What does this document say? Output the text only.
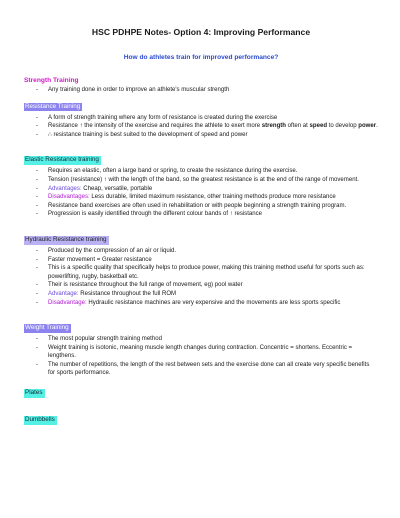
HSC PDHPE Notes- Option 4: Improving Performance
How do athletes train for improved performance?
Strength Training
- Any training done in order to improve an athlete's muscular strength
Resistance Training
- A form of strength training where any form of resistance is created during the exercise
- Resistance ↑ the intensity of the exercise and requires the athlete to exert more strength often at speed to develop power.
- ∴ resistance training is best suited to the development of speed and power
Elastic Resistance training
- Requires an elastic, often a large band or spring, to create the resistance during the exercise.
- Tension (resistance) ↑ with the length of the band, so the greatest resistance is at the end of the range of movement.
- Advantages: Cheap, versatile, portable
- Disadvantages: Less durable, limited maximum resistance, other training methods produce more resistance
- Resistance band exercises are often used in rehabilitation or with people beginning a strength training program.
- Progression is easily identified through the different colour bands of ↑ resistance
Hydraulic Resistance training
- Produced by the compression of an air or liquid.
- Faster movement = Greater resistance
- This is a specific quality that specifically helps to produce power, making this training method useful for sports such as: powerlifting, rugby, basketball etc.
- Their is resistance throughout the full range of movement, eg) pool water
- Advantage: Resistance throughout the full ROM
- Disadvantage: Hydraulic resistance machines are very expensive and the movements are less sports specific
Weight Training
- The most popular strength training method
- Weight training is isotonic, meaning muscle length changes during contraction. Concentric = shortens. Eccentric = lengthens.
- The number of repetitions, the length of the rest between sets and the exercise done can all create very specific benefits for sports performance.
Plates
Dumbbells
